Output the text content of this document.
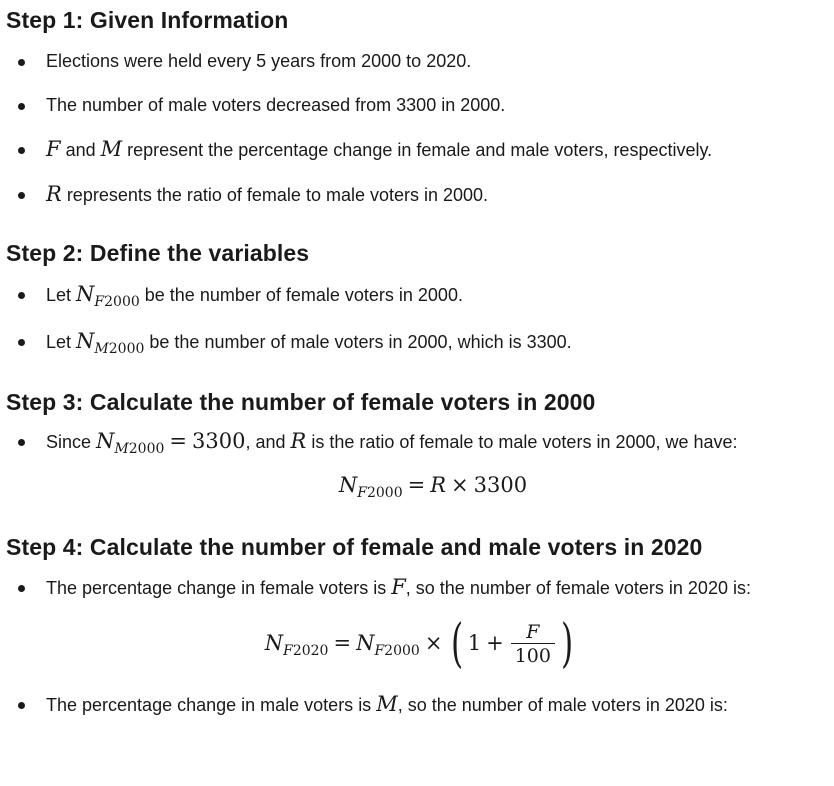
Step 1: Given Information
Elections were held every 5 years from 2000 to 2020.
The number of male voters decreased from 3300 in 2000.
F and M represent the percentage change in female and male voters, respectively.
R represents the ratio of female to male voters in 2000.
Step 2: Define the variables
Let $N_{F2000}$ be the number of female voters in 2000.
Let $N_{M2000}$ be the number of male voters in 2000, which is 3300.
Step 3: Calculate the number of female voters in 2000
Since $N_{M2000} = 3300$, and R is the ratio of female to male voters in 2000, we have:
$N_{F2000} = R \times 3300$
Step 4: Calculate the number of female and male voters in 2020
The percentage change in female voters is F, so the number of female voters in 2020 is:
$N_{F2020} = N_{F2000}$ × ( $1 + \frac{F}{100}$ )
The percentage change in male voters is M, so the number of male voters in 2020 is:
